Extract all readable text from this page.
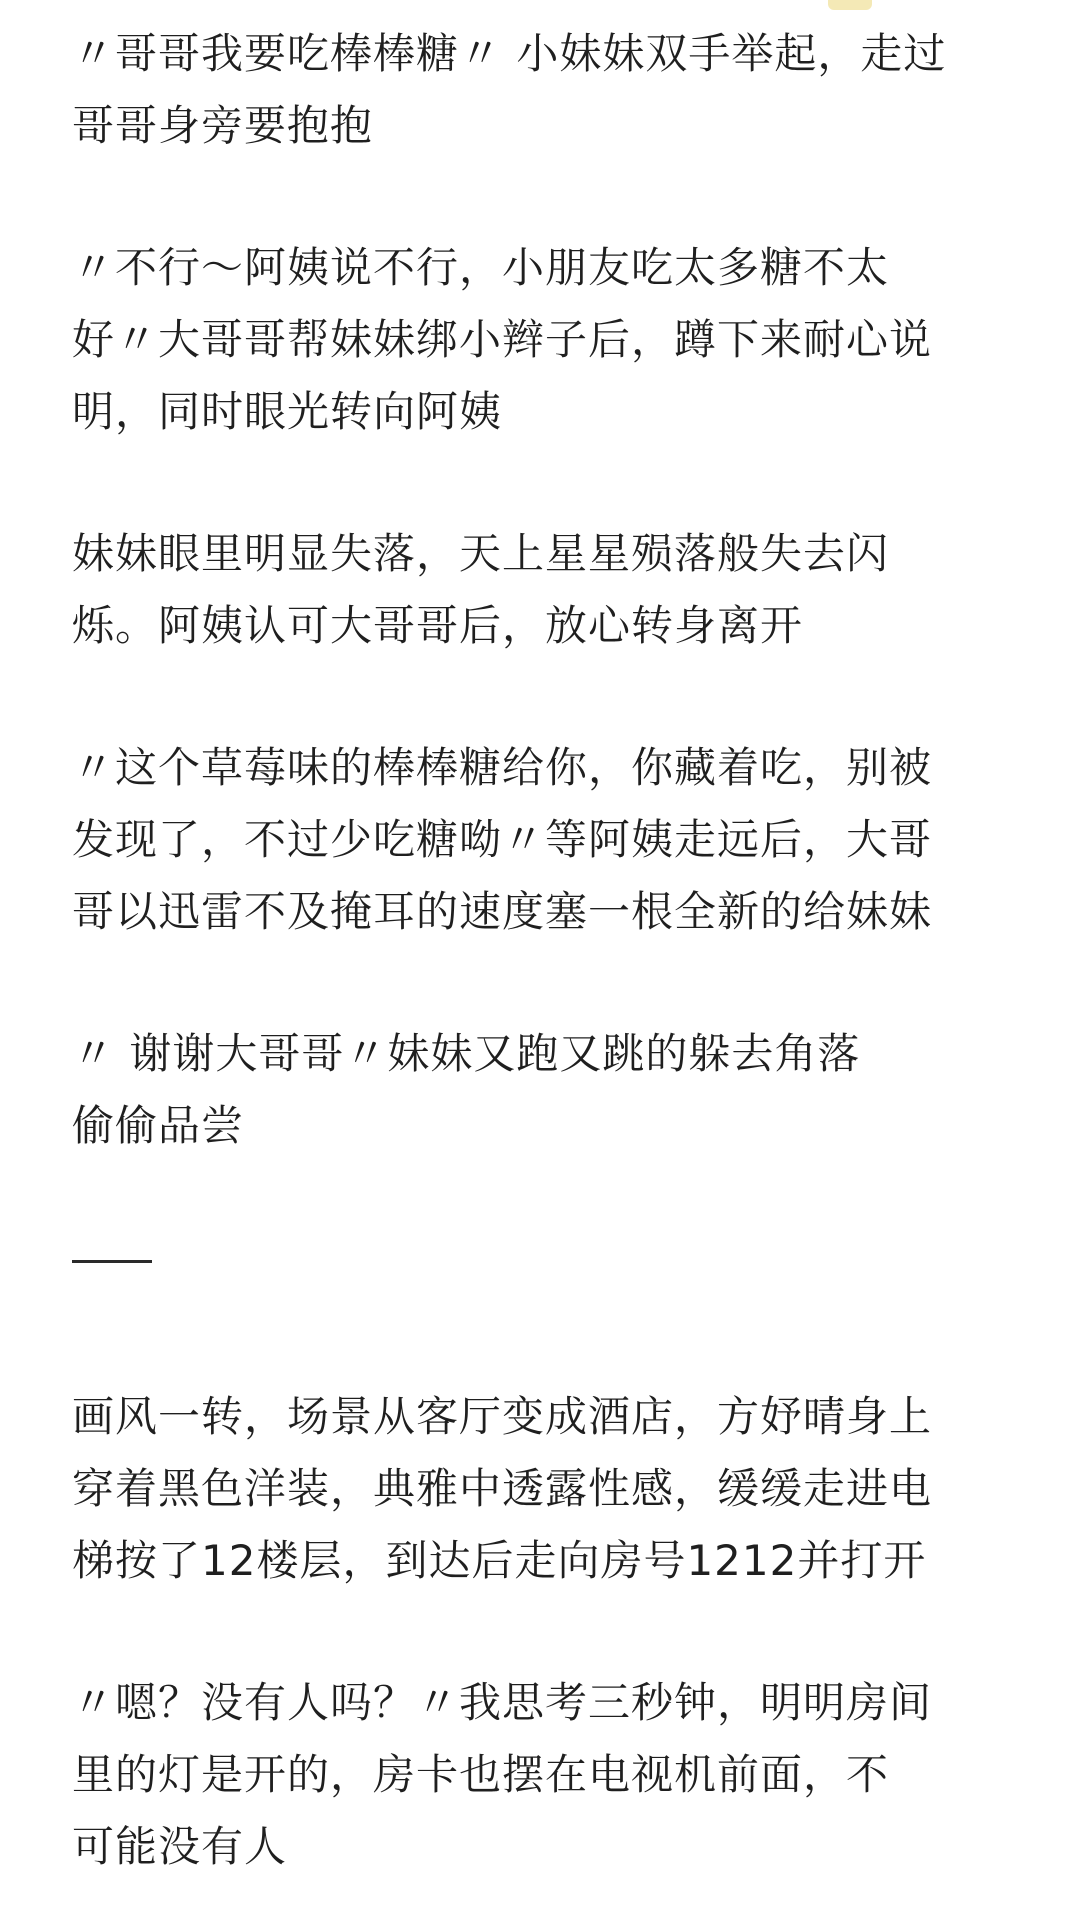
〃哥哥我要吃棒棒糖〃 小妹妹双手举起，走过
哥哥身旁要抱抱

〃不行～阿姨说不行，小朋友吃太多糖不太
好〃大哥哥帮妹妹绑小辫子后，蹲下来耐心说
明，同时眼光转向阿姨

妹妹眼里明显失落，天上星星殒落般失去闪
烁。阿姨认可大哥哥后，放心转身离开

〃这个草莓味的棒棒糖给你，你藏着吃，别被
发现了，不过少吃糖呦〃等阿姨走远后，大哥
哥以迅雷不及掩耳的速度塞一根全新的给妹妹

〃 谢谢大哥哥〃妹妹又跑又跳的躲去角落
偷偷品尝

画风一转，场景从客厅变成酒店，方妤晴身上
穿着黑色洋装，典雅中透露性感，缓缓走进电
梯按了12楼层，到达后走向房号1212并打开

〃嗯？没有人吗？〃我思考三秒钟，明明房间
里的灯是开的，房卡也摆在电视机前面，不
可能没有人
